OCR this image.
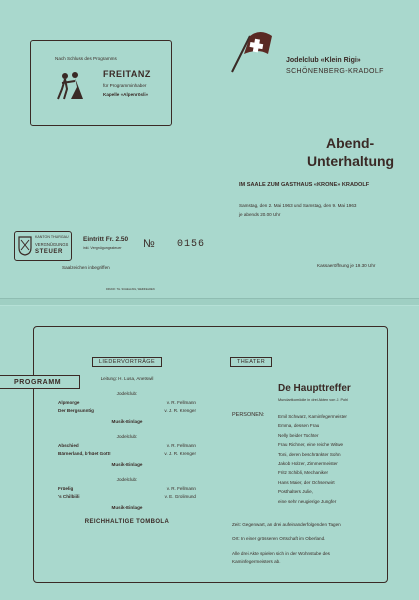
Nach Schluss des Programms
FREITANZ
für Programminhaber
Kapelle «Alpenrösli»
Jodelclub «Klein Rigi»
SCHÖNENBERG-KRADOLF
Abend-
Unterhaltung
IM SAALE ZUM GASTHAUS «KRONE» KRADOLF
Samstag, den 2. Mai 1963 und Samstag, den 9. Mai 1963
je abends 20.00 Uhr
KANTON THURGAU
VERGNÜGUNGS
STEUER
Eintritt Fr. 2.50
inkl. Vergnügungssteuer № 0156
Saalzeichen inbegriffen	Kassaeröffnung je 19.30 Uhr
DRUCK: TH. SCHELLING, WEINFELDEN
PROGRAMM
LIEDERVORTRÄGE
Leitung: H. Lusa, Anetswil
Jodelclub:
Alpmorge	v. R. Fellmann
Der Bergsunntig	v. J. R. Krenger
Musik-Einlage
Jodelclub:
Abschied	v. R. Fellmann
Bärnerland, b'hüet Gott!	v. J. R. Krenger
Musik-Einlage
Jodelclub:
Früelig	v. R. Fellmann
's Chilbiili	v. E. Grolimund
Musik-Einlage
REICHHALTIGE TOMBOLA
THEATER
De Haupttreffer
Mundartkomödie in drei Akten von J. Pohl
PERSONEN:	Emil Schwarz, Kaminfegermeister
Emma, dessen Frau
Nelly beider Tochter
Frau Richner, eine reiche Witwe
Toni, deren beschränkter Sohn
Jakob Holzer, Zimmermeister
Fritz Schibli, Mechaniker
Hans Maier, der Ochsenwirt
Posthalters Julie,
eine sehr neugierige Jungfer
Zeit: Gegenwart, an drei aufeinanderfolgenden Tagen
Ort: In einer grösseren Ortschaft im Oberland.
Alle drei Akte spielen sich in der Wohnstube des Kaminfegermeisters ab.
